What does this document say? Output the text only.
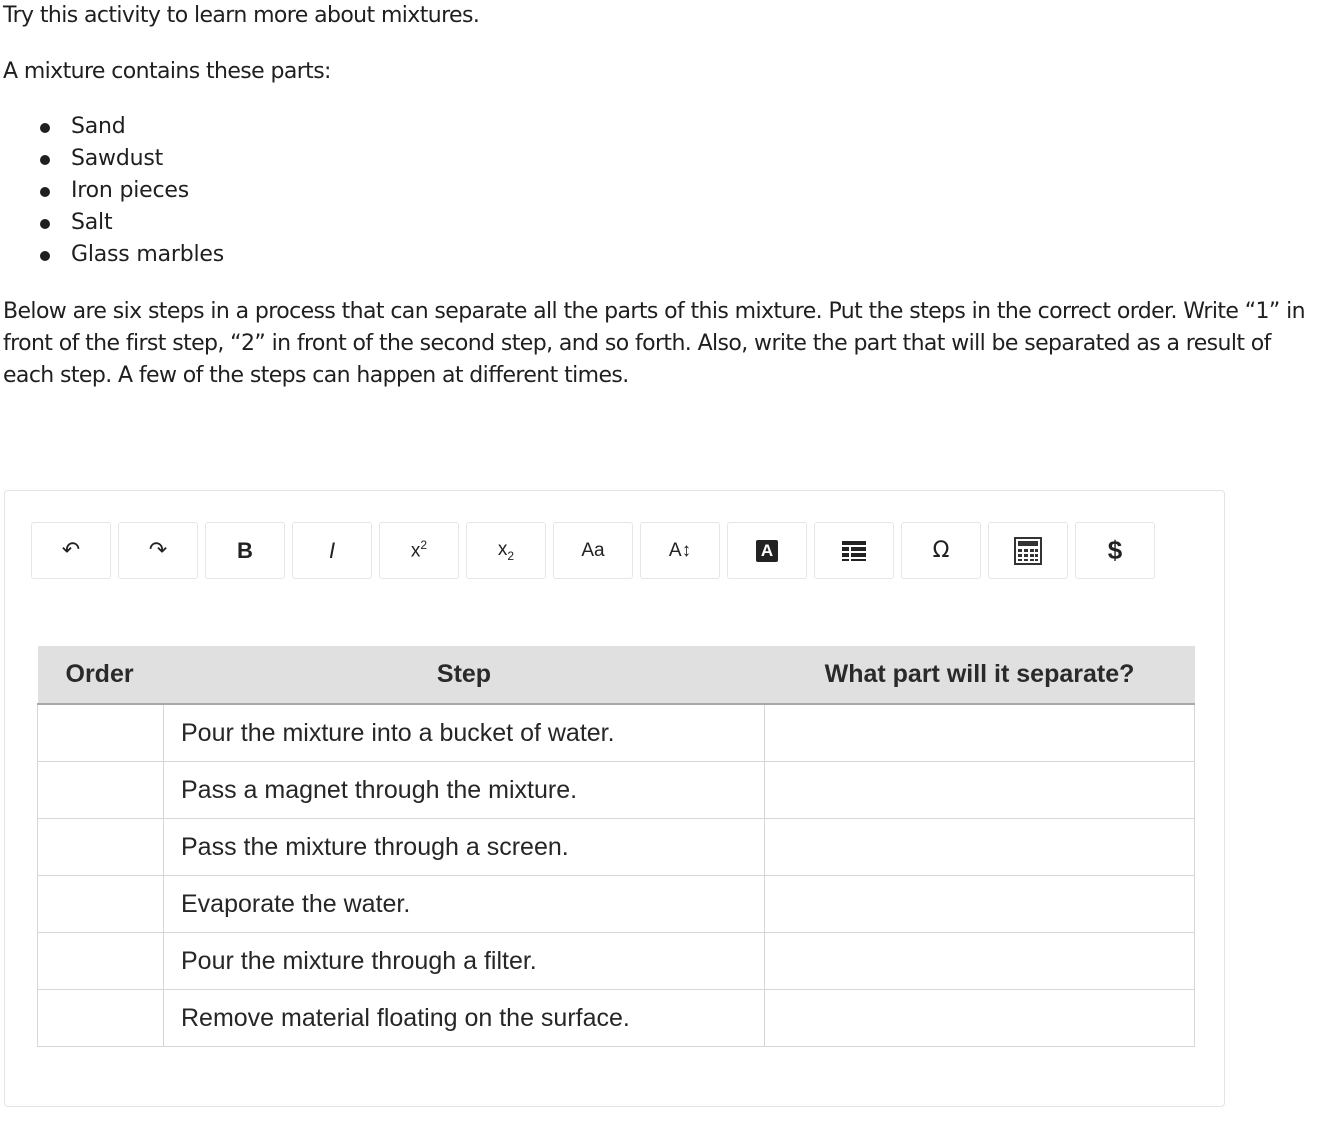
Try this activity to learn more about mixtures.

A mixture contains these parts:

Sand
Sawdust
Iron pieces
Salt
Glass marbles

Below are six steps in a process that can separate all the parts of this mixture. Put the steps in the correct order. Write “1” in front of the first step, “2” in front of the second step, and so forth. Also, write the part that will be separated as a result of each step. A few of the steps can happen at different times.

↶	↷	B	I	$x^2$	$x_2$	Aa	A↕	A	Ω	$
Order	Step	What part will it separate?
	Pour the mixture into a bucket of water.	
	Pass a magnet through the mixture.	
	Pass the mixture through a screen.	
	Evaporate the water.	
	Pour the mixture through a filter.	
	Remove material floating on the surface.	
